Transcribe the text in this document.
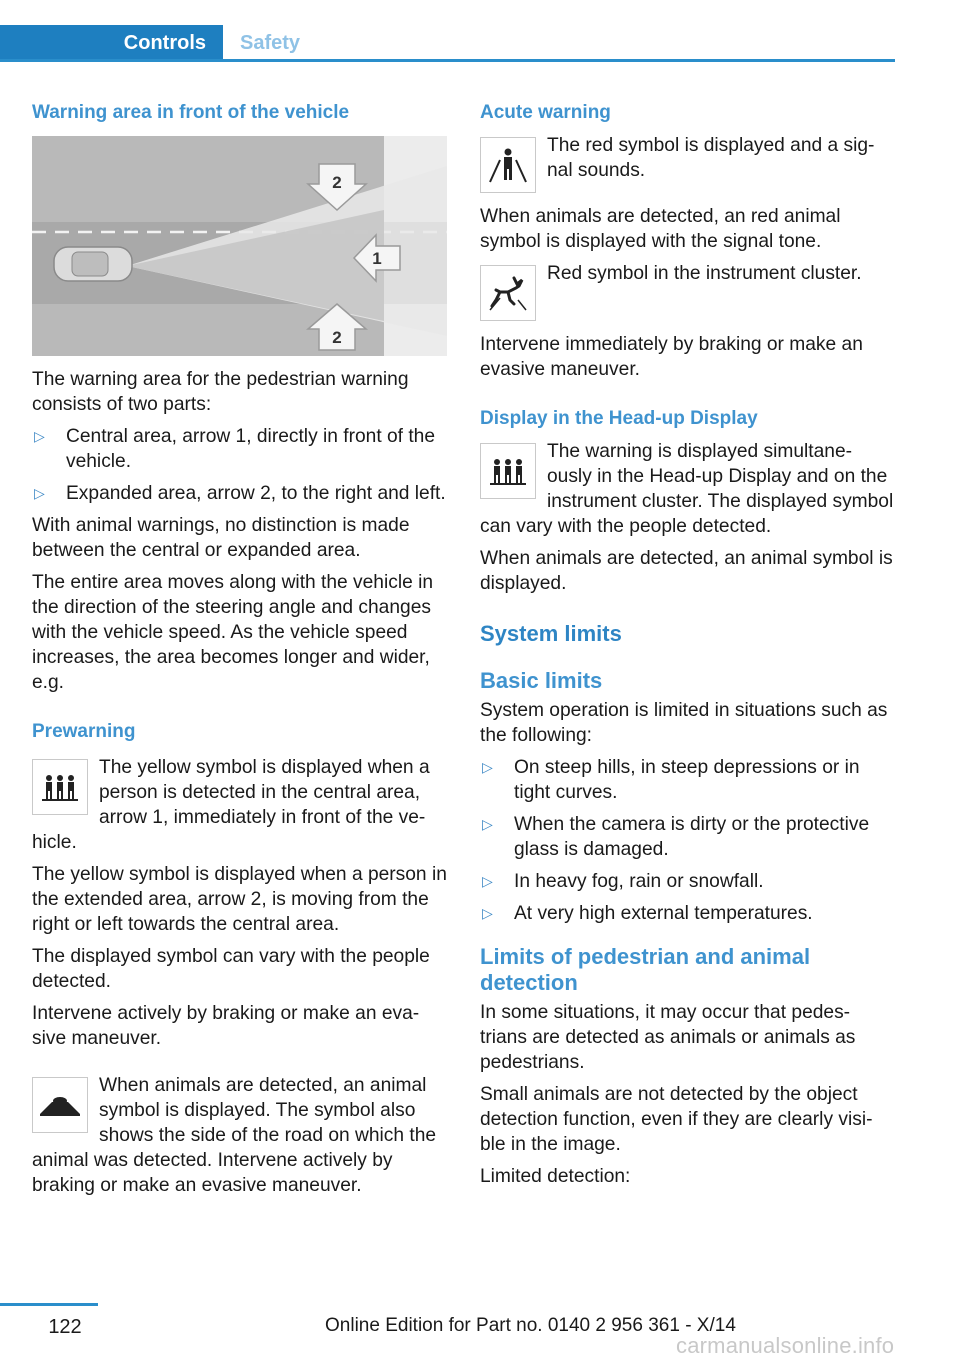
Controls	Safety
Warning area in front of the vehicle
2
1
2
The warning area for the pedestrian warning consists of two parts:
▷ Central area, arrow 1, directly in front of the vehicle.
▷ Expanded area, arrow 2, to the right and left.
With animal warnings, no distinction is made between the central or expanded area.
The entire area moves along with the vehicle in the direction of the steering angle and changes with the vehicle speed. As the vehicle speed increases, the area becomes longer and wider, e.g.
Prewarning
The yellow symbol is displayed when a person is detected in the central area, arrow 1, immediately in front of the ve‐hicle.
The yellow symbol is displayed when a person in the extended area, arrow 2, is moving from the right or left towards the central area.
The displayed symbol can vary with the people detected.
Intervene actively by braking or make an eva‐sive maneuver.
When animals are detected, an animal symbol is displayed. The symbol also shows the side of the road on which the animal was detected. Intervene actively by braking or make an evasive maneuver.
Acute warning
The red symbol is displayed and a sig‐nal sounds.
When animals are detected, an red animal symbol is displayed with the signal tone.
Red symbol in the instrument cluster.
Intervene immediately by braking or make an evasive maneuver.
Display in the Head-up Display
The warning is displayed simultane‐ously in the Head-up Display and on the instrument cluster. The displayed symbol can vary with the people detected.
When animals are detected, an animal symbol is displayed.
System limits
Basic limits
System operation is limited in situations such as the following:
▷ On steep hills, in steep depressions or in tight curves.
▷ When the camera is dirty or the protective glass is damaged.
▷ In heavy fog, rain or snowfall.
▷ At very high external temperatures.
Limits of pedestrian and animal detection
In some situations, it may occur that pedes‐trians are detected as animals or animals as pedestrians.
Small animals are not detected by the object detection function, even if they are clearly visi‐ble in the image.
Limited detection:
122	Online Edition for Part no. 0140 2 956 361 - X/14
carmanualsonline.info
